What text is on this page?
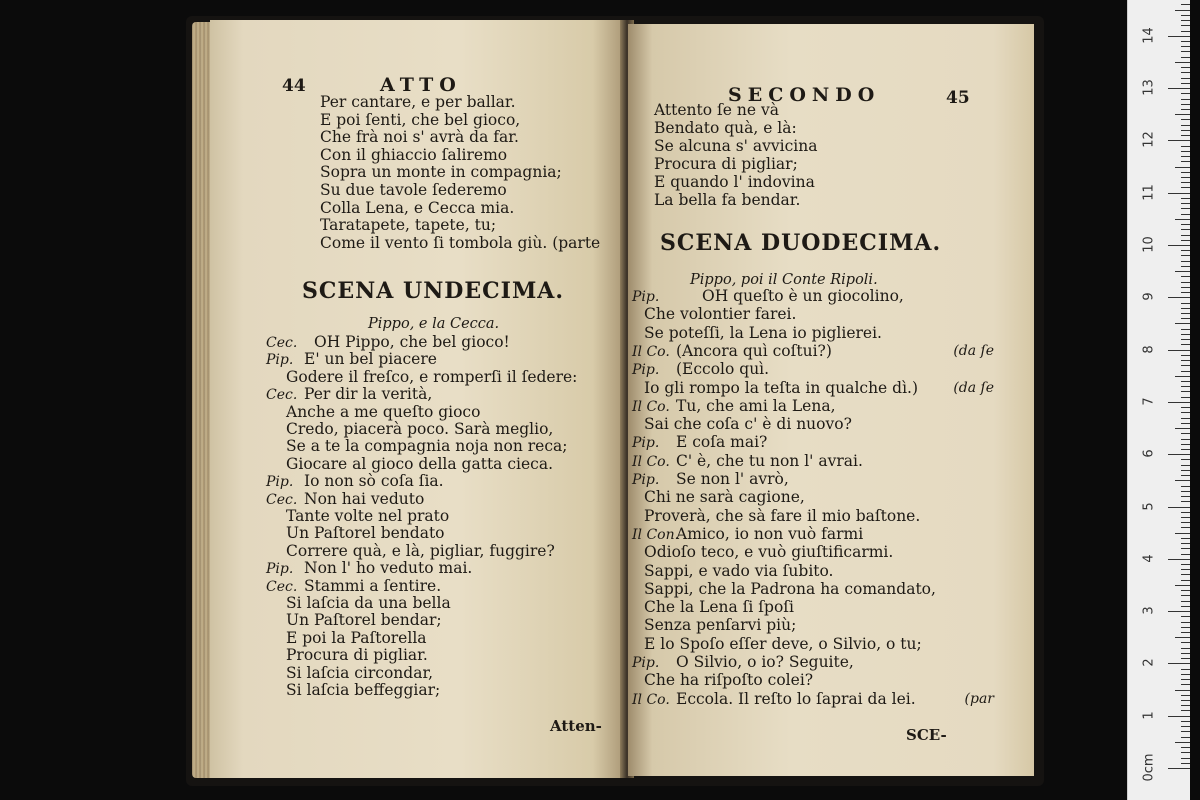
44	ATTO
Per cantare, e per ballar.
E poi ſenti, che bel gioco,
Che frà noi s' avrà da far.
Con il ghiaccio ſaliremo
Sopra un monte in compagnia;
Su due tavole ſederemo
Colla Lena, e Cecca mia.
Taratapete, tapete, tu;
Come il vento ſi tombola giù. (parte
SCENA UNDECIMA.
Pippo, e la Cecca.
Cec. OH Pippo, che bel gioco!
Pip. E' un bel piacere
Godere il freſco, e romperſi il ſedere:
Cec. Per dir la verità,
Anche a me queſto gioco
Credo, piacerà poco. Sarà meglio,
Se a te la compagnia noja non reca;
Giocare al gioco della gatta cieca.
Pip. Io non sò coſa ſia.
Cec. Non hai veduto
Tante volte nel prato
Un Paſtorel bendato
Correre quà, e là, pigliar, fuggire?
Pip. Non l' ho veduto mai.
Cec. Stammi a ſentire.
Si laſcia da una bella
Un Paſtorel bendar;
E poi la Paſtorella
Procura di pigliar.
Si laſcia circondar,
Si laſcia beffeggiar;
Atten-
SECONDO	45
Attento ſe ne và
Bendato quà, e là:
Se alcuna s' avvicina
Procura di pigliar;
E quando l' indovina
La bella fa bendar.
SCENA DUODECIMA.
Pippo, poi il Conte Ripoli.
Pip.	OH queſto è un giocolino,
Che volontier farei.
Se poteſſi, la Lena io piglierei.
Il Co. (Ancora quì coſtui?)	(da ſe
Pip. (Eccolo quì.
Io gli rompo la teſta in qualche dì.)	(da ſe
Il Co. Tu, che ami la Lena,
Sai che coſa c' è di nuovo?
Pip. E coſa mai?
Il Co. C' è, che tu non l' avrai.
Pip. Se non l' avrò,
Chi ne sarà cagione,
Proverà, che sà fare il mio baſtone.
Il Con.
Amico, io non vuò farmi
Odioſo teco, e vuò giuſtificarmi.
Sappi, e vado via ſubito.
Sappi, che la Padrona ha comandato,
Che la Lena ſi ſpoſi
Senza penſarvi più;
E lo Spoſo eſſer deve, o Silvio, o tu;
Pip. O Silvio, o io? Seguite,
Che ha riſpoſto colei?
Il Co. Eccola. Il reſto lo ſaprai da lei.	(par
SCE-
0cm
1
2
3
4
5
6
7
8
9
10
11
12
13
14
